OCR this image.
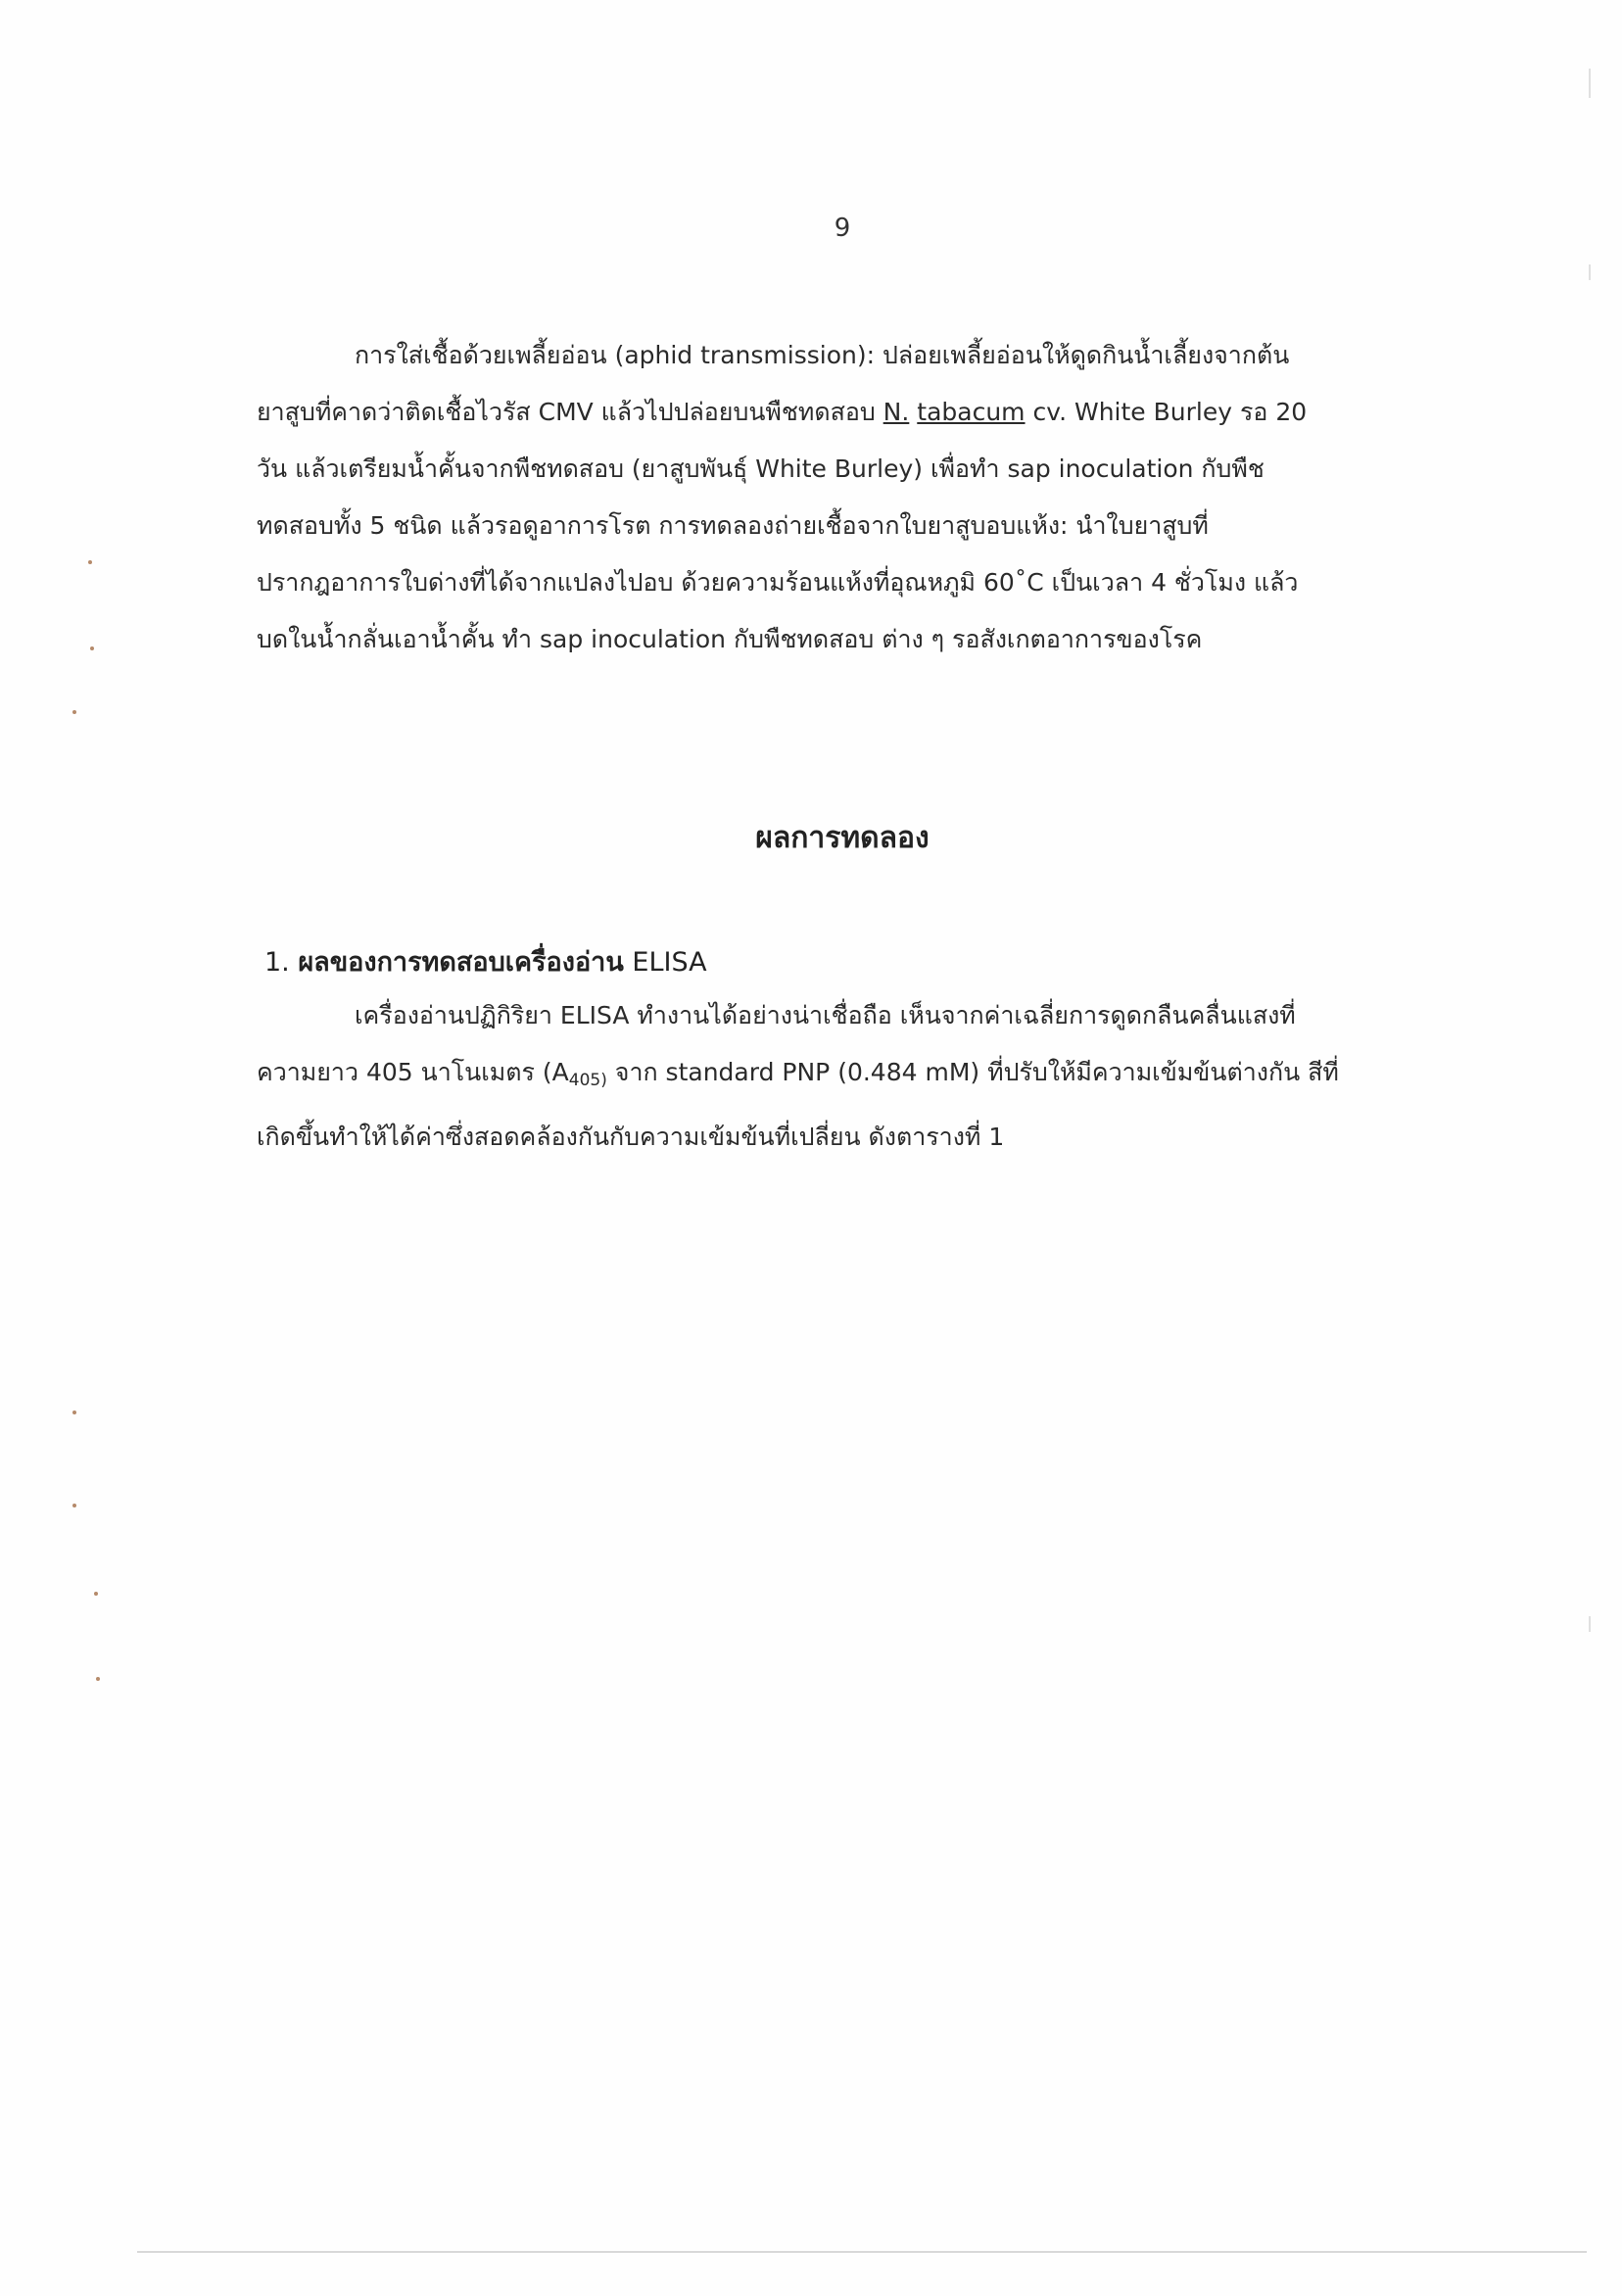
9
การใส่เชื้อด้วยเพลี้ยอ่อน (aphid transmission): ปล่อยเพลี้ยอ่อนให้ดูดกินน้ำเลี้ยงจากต้น
ยาสูบที่คาดว่าติดเชื้อไวรัส CMV แล้วไปปล่อยบนพืชทดสอบ N. tabacum cv. White Burley รอ 20
วัน แล้วเตรียมน้ำคั้นจากพืชทดสอบ (ยาสูบพันธุ์ White Burley) เพื่อทำ sap inoculation กับพืช
ทดสอบทั้ง 5 ชนิด แล้วรอดูอาการโรต การทดลองถ่ายเชื้อจากใบยาสูบอบแห้ง: นำใบยาสูบที่
ปรากฎอาการใบด่างที่ได้จากแปลงไปอบ ด้วยความร้อนแห้งที่อุณหภูมิ 60˚C เป็นเวลา 4 ชั่วโมง แล้ว
บดในน้ำกลั่นเอาน้ำคั้น ทำ sap inoculation กับพืชทดสอบ ต่าง ๆ รอสังเกตอาการของโรค
ผลการทดลอง
1. ผลของการทดสอบเครื่องอ่าน ELISA
เครื่องอ่านปฏิกิริยา ELISA ทำงานได้อย่างน่าเชื่อถือ เห็นจากค่าเฉลี่ยการดูดกลืนคลื่นแสงที่
ความยาว 405 นาโนเมตร ($A_{405)}$ จาก standard PNP (0.484 mM) ที่ปรับให้มีความเข้มข้นต่างกัน สีที่
เกิดขึ้นทำให้ได้ค่าซึ่งสอดคล้องกันกับความเข้มข้นที่เปลี่ยน ดังตารางที่ 1
